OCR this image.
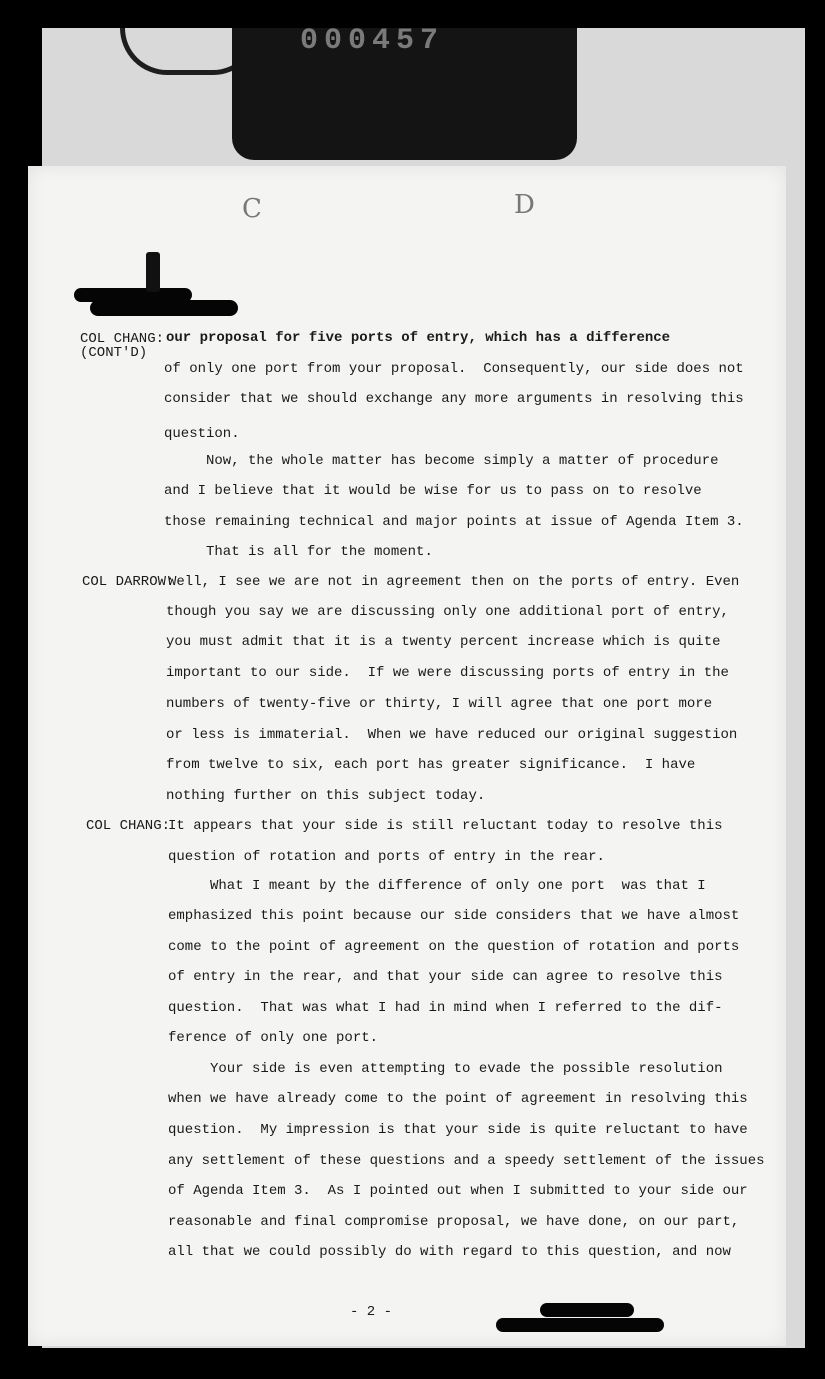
000457
C	D
COL CHANG:
(CONT'D)
our proposal for five ports of entry, which has a difference
of only one port from your proposal.  Consequently, our side does not
consider that we should exchange any more arguments in resolving this
question.
Now, the whole matter has become simply a matter of procedure
and I believe that it would be wise for us to pass on to resolve
those remaining technical and major points at issue of Agenda Item 3.
That is all for the moment.
COL DARROW:
Well, I see we are not in agreement then on the ports of entry. Even
though you say we are discussing only one additional port of entry,
you must admit that it is a twenty percent increase which is quite
important to our side.  If we were discussing ports of entry in the
numbers of twenty-five or thirty, I will agree that one port more
or less is immaterial.  When we have reduced our original suggestion
from twelve to six, each port has greater significance.  I have
nothing further on this subject today.
COL CHANG:
It appears that your side is still reluctant today to resolve this
question of rotation and ports of entry in the rear.
What I meant by the difference of only one port  was that I
emphasized this point because our side considers that we have almost
come to the point of agreement on the question of rotation and ports
of entry in the rear, and that your side can agree to resolve this
question.  That was what I had in mind when I referred to the dif-
ference of only one port.
Your side is even attempting to evade the possible resolution
when we have already come to the point of agreement in resolving this
question.  My impression is that your side is quite reluctant to have
any settlement of these questions and a speedy settlement of the issues
of Agenda Item 3.  As I pointed out when I submitted to your side our
reasonable and final compromise proposal, we have done, on our part,
all that we could possibly do with regard to this question, and now
- 2 -
